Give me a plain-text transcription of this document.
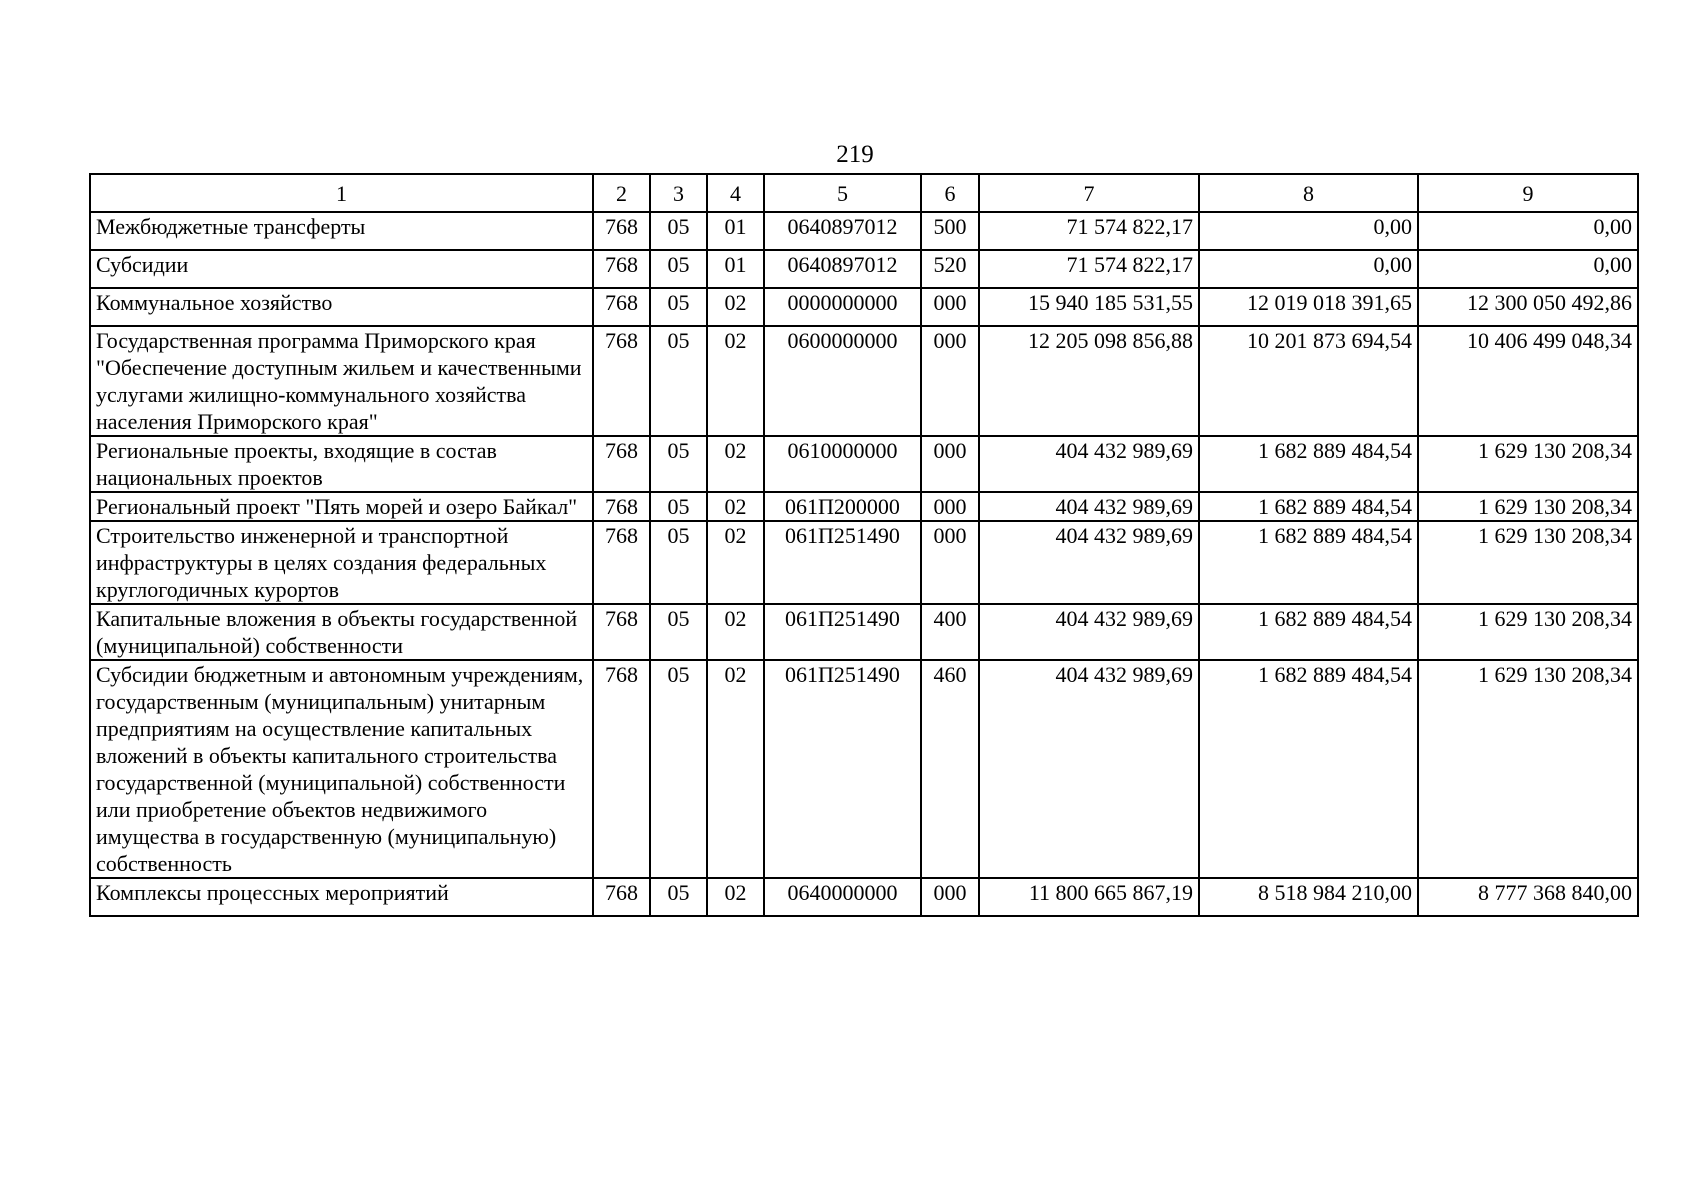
219
1	2	3	4	5	6	7	8	9
Межбюджетные трансферты	768	05	01	0640897012	500	71 574 822,17	0,00	0,00
Субсидии	768	05	01	0640897012	520	71 574 822,17	0,00	0,00
Коммунальное хозяйство	768	05	02	0000000000	000	15 940 185 531,55	12 019 018 391,65	12 300 050 492,86
Государственная программа Приморского края "Обеспечение доступным жильем и качественными услугами жилищно-коммунального хозяйства населения Приморского края"	768	05	02	0600000000	000	12 205 098 856,88	10 201 873 694,54	10 406 499 048,34
Региональные проекты, входящие в состав национальных проектов	768	05	02	0610000000	000	404 432 989,69	1 682 889 484,54	1 629 130 208,34
Региональный проект "Пять морей и озеро Байкал"	768	05	02	061П200000	000	404 432 989,69	1 682 889 484,54	1 629 130 208,34
Строительство инженерной и транспортной инфраструктуры в целях создания федеральных круглогодичных курортов	768	05	02	061П251490	000	404 432 989,69	1 682 889 484,54	1 629 130 208,34
Капитальные вложения в объекты государственной (муниципальной) собственности	768	05	02	061П251490	400	404 432 989,69	1 682 889 484,54	1 629 130 208,34
Субсидии бюджетным и автономным учреждениям, государственным (муниципальным) унитарным предприятиям на осуществление капитальных вложений в объекты капитального строительства государственной (муниципальной) собственности или приобретение объектов недвижимого имущества в государственную (муниципальную) собственность	768	05	02	061П251490	460	404 432 989,69	1 682 889 484,54	1 629 130 208,34
Комплексы процессных мероприятий	768	05	02	0640000000	000	11 800 665 867,19	8 518 984 210,00	8 777 368 840,00
